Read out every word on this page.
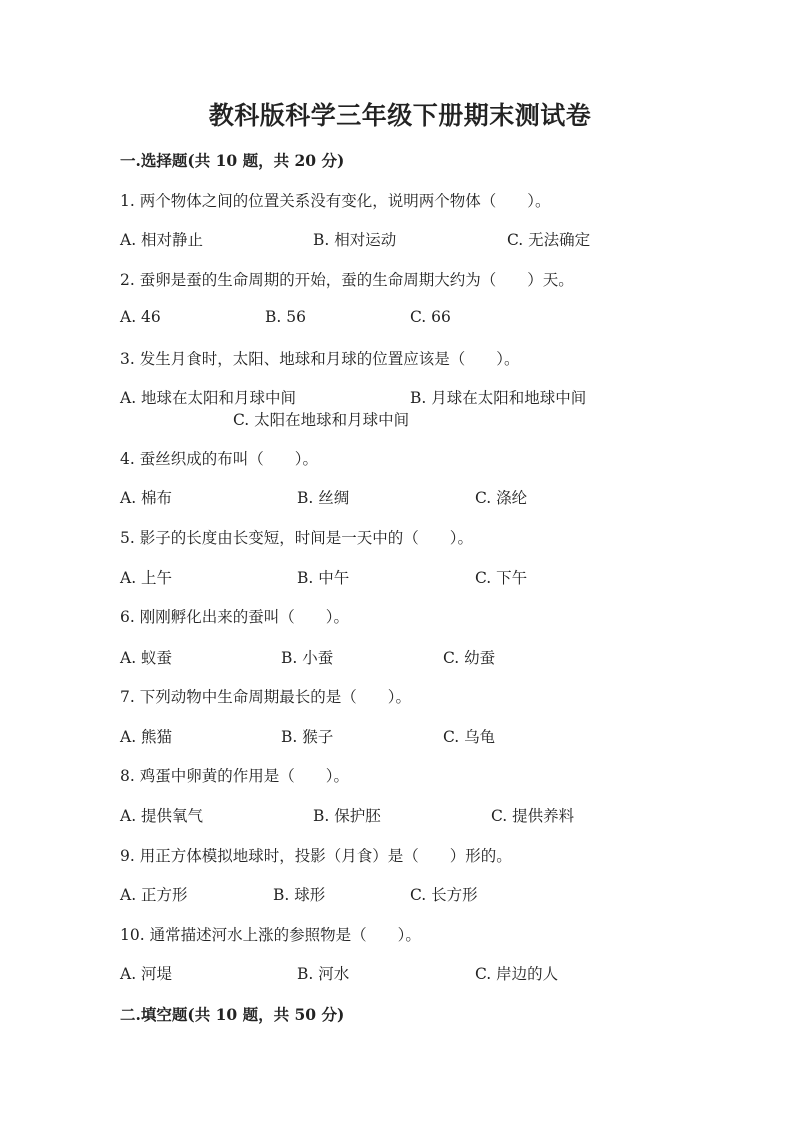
教科版科学三年级下册期末测试卷
一.选择题(共 10 题，共 20 分)
1. 两个物体之间的位置关系没有变化，说明两个物体（　　）。
A. 相对静止	B. 相对运动	C. 无法确定
2. 蚕卵是蚕的生命周期的开始，蚕的生命周期大约为（　　）天。
A. 46	B. 56	C. 66
3. 发生月食时，太阳、地球和月球的位置应该是（　　）。
A. 地球在太阳和月球中间	B. 月球在太阳和地球中间
C. 太阳在地球和月球中间
4. 蚕丝织成的布叫（　　）。
A. 棉布	B. 丝绸	C. 涤纶
5. 影子的长度由长变短，时间是一天中的（　　）。
A. 上午	B. 中午	C. 下午
6. 刚刚孵化出来的蚕叫（　　）。
A. 蚁蚕	B. 小蚕	C. 幼蚕
7. 下列动物中生命周期最长的是（　　）。
A. 熊猫	B. 猴子	C. 乌龟
8. 鸡蛋中卵黄的作用是（　　）。
A. 提供氧气	B. 保护胚	C. 提供养料
9. 用正方体模拟地球时，投影（月食）是（　　）形的。
A. 正方形	B. 球形	C. 长方形
10. 通常描述河水上涨的参照物是（　　）。
A. 河堤	B. 河水	C. 岸边的人
二.填空题(共 10 题，共 50 分)
